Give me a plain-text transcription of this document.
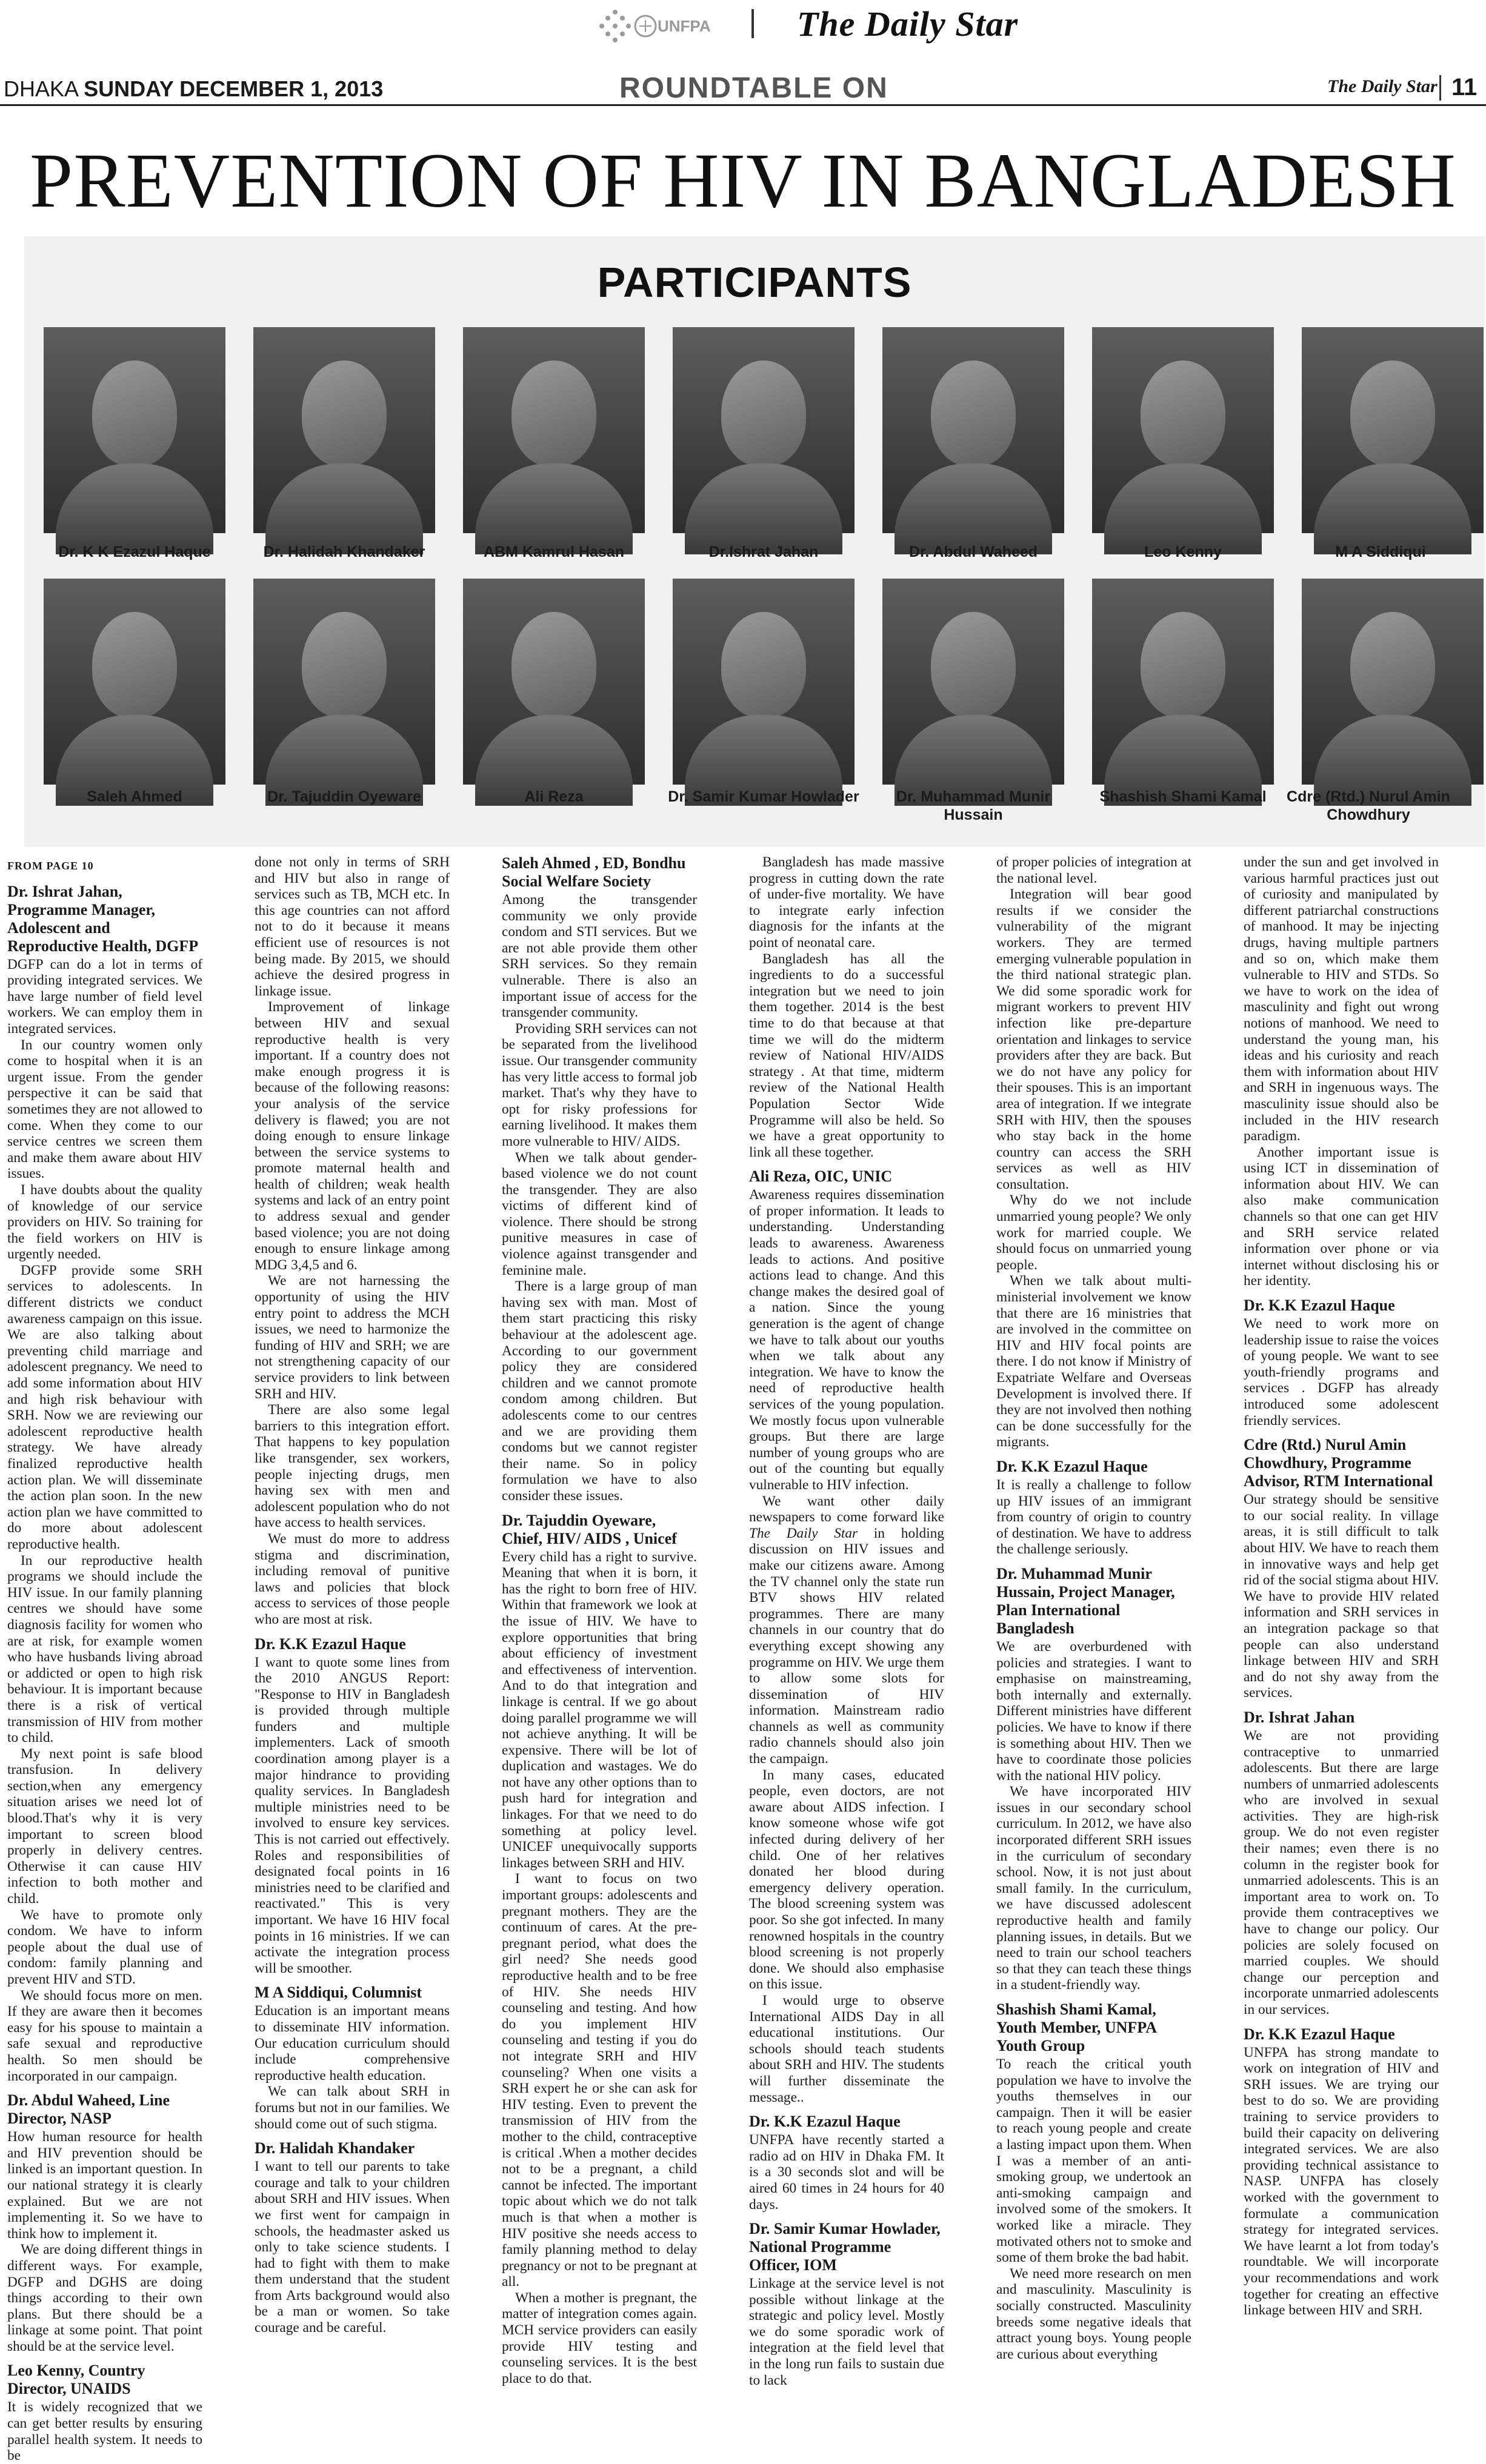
UNFPA The Daily Star
DHAKA SUNDAY DECEMBER 1, 2013	ROUNDTABLE ON	The Daily Star 11
PREVENTION OF HIV IN BANGLADESH
PARTICIPANTS
Dr. K K Ezazul Haque	Dr. Halidah Khandaker	ABM Kamrul Hasan	Dr.Ishrat Jahan	Dr. Abdul Waheed	Leo Kenny	M A Siddiqui
Saleh Ahmed	Dr. Tajuddin Oyeware	Ali Reza	Dr. Samir Kumar Howlader	Dr. Muhammad Munir Hussain
Shashish Shami Kamal	Cdre (Rtd.) Nurul Amin Chowdhury
FROM PAGE 10
Dr. Ishrat Jahan, Programme Manager, Adolescent and Reproductive Health, DGFP

DGFP can do a lot in terms of providing integrated services. We have large number of field level workers. We can employ them in integrated services.

In our country women only come to hospital when it is an urgent issue. From the gender perspective it can be said that sometimes they are not allowed to come. When they come to our service centres we screen them and make them aware about HIV issues.

I have doubts about the quality of knowledge of our service providers on HIV. So training for the field workers on HIV is urgently needed.

DGFP provide some SRH services to adolescents. In different districts we conduct awareness campaign on this issue. We are also talking about preventing child marriage and adolescent pregnancy. We need to add some information about HIV and high risk behaviour with SRH. Now we are reviewing our adolescent reproductive health strategy. We have already finalized reproductive health action plan. We will disseminate the action plan soon. In the new action plan we have committed to do more about adolescent reproductive health.

In our reproductive health programs we should include the HIV issue. In our family planning centres we should have some diagnosis facility for women who are at risk, for example women who have husbands living abroad or addicted or open to high risk behaviour. It is important because there is a risk of vertical transmission of HIV from mother to child.

My next point is safe blood transfusion. In delivery section,when any emergency situation arises we need lot of blood.That's why it is very important to screen blood properly in delivery centres. Otherwise it can cause HIV infection to both mother and child.

We have to promote only condom. We have to inform people about the dual use of condom: family planning and prevent HIV and STD.

We should focus more on men. If they are aware then it becomes easy for his spouse to maintain a safe sexual and reproductive health. So men should be incorporated in our campaign.

Dr. Abdul Waheed, Line Director, NASP

How human resource for health and HIV prevention should be linked is an important question. In our national strategy it is clearly explained. But we are not implementing it. So we have to think how to implement it.

We are doing different things in different ways. For example, DGFP and DGHS are doing things according to their own plans. But there should be a linkage at some point. That point should be at the service level.

Leo Kenny, Country Director, UNAIDS

It is widely recognized that we can get better results by ensuring parallel health system. It needs to be

done not only in terms of SRH and HIV but also in range of services such as TB, MCH etc. In this age countries can not afford not to do it because it means efficient use of resources is not being made. By 2015, we should achieve the desired progress in linkage issue.

Improvement of linkage between HIV and sexual reproductive health is very important. If a country does not make enough progress it is because of the following reasons: your analysis of the service delivery is flawed; you are not doing enough to ensure linkage between the service systems to promote maternal health and health of children; weak health systems and lack of an entry point to address sexual and gender based violence; you are not doing enough to ensure linkage among MDG 3,4,5 and 6.

We are not harnessing the opportunity of using the HIV entry point to address the MCH issues, we need to harmonize the funding of HIV and SRH; we are not strengthening capacity of our service providers to link between SRH and HIV.

There are also some legal barriers to this integration effort. That happens to key population like transgender, sex workers, people injecting drugs, men having sex with men and adolescent population who do not have access to health services.

We must do more to address stigma and discrimination, including removal of punitive laws and policies that block access to services of those people who are most at risk.

Dr. K.K Ezazul Haque

I want to quote some lines from the 2010 ANGUS Report: "Response to HIV in Bangladesh is provided through multiple funders and multiple implementers. Lack of smooth coordination among player is a major hindrance to providing quality services. In Bangladesh multiple ministries need to be involved to ensure key services. This is not carried out effectively. Roles and responsibilities of designated focal points in 16 ministries need to be clarified and reactivated." This is very important. We have 16 HIV focal points in 16 ministries. If we can activate the integration process will be smoother.

M A Siddiqui, Columnist

Education is an important means to disseminate HIV information. Our education curriculum should include comprehensive reproductive health education.

We can talk about SRH in forums but not in our families. We should come out of such stigma.

Dr. Halidah Khandaker

I want to tell our parents to take courage and talk to your children about SRH and HIV issues. When we first went for campaign in schools, the headmaster asked us only to take science students. I had to fight with them to make them understand that the student from Arts background would also be a man or women. So take courage and be careful.

Saleh Ahmed , ED, Bondhu Social Welfare Society

Among the transgender community we only provide condom and STI services. But we are not able provide them other SRH services. So they remain vulnerable. There is also an important issue of access for the transgender community.

Providing SRH services can not be separated from the livelihood issue. Our transgender community has very little access to formal job market. That's why they have to opt for risky professions for earning livelihood. It makes them more vulnerable to HIV/ AIDS.

When we talk about gender-based violence we do not count the transgender. They are also victims of different kind of violence. There should be strong punitive measures in case of violence against transgender and feminine male.

There is a large group of man having sex with man. Most of them start practicing this risky behaviour at the adolescent age. According to our government policy they are considered children and we cannot promote condom among children. But adolescents come to our centres and we are providing them condoms but we cannot register their name. So in policy formulation we have to also consider these issues.

Dr. Tajuddin Oyeware, Chief, HIV/ AIDS , Unicef

Every child has a right to survive. Meaning that when it is born, it has the right to born free of HIV. Within that framework we look at the issue of HIV. We have to explore opportunities that bring about efficiency of investment and effectiveness of intervention. And to do that integration and linkage is central. If we go about doing parallel programme we will not achieve anything. It will be expensive. There will be lot of duplication and wastages. We do not have any other options than to push hard for integration and linkages. For that we need to do something at policy level. UNICEF unequivocally supports linkages between SRH and HIV.

I want to focus on two important groups: adolescents and pregnant mothers. They are the continuum of cares. At the pre-pregnant period, what does the girl need? She needs good reproductive health and to be free of HIV. She needs HIV counseling and testing. And how do you implement HIV counseling and testing if you do not integrate SRH and HIV counseling? When one visits a SRH expert he or she can ask for HIV testing. Even to prevent the transmission of HIV from the mother to the child, contraceptive is critical .When a mother decides not to be a pregnant, a child cannot be infected. The important topic about which we do not talk much is that when a mother is HIV positive she needs access to family planning method to delay pregnancy or not to be pregnant at all.

When a mother is pregnant, the matter of integration comes again. MCH service providers can easily provide HIV testing and counseling services. It is the best place to do that.

Bangladesh has made massive progress in cutting down the rate of under-five mortality. We have to integrate early infection diagnosis for the infants at the point of neonatal care.

Bangladesh has all the ingredients to do a successful integration but we need to join them together. 2014 is the best time to do that because at that time we will do the midterm review of National HIV/AIDS strategy . At that time, midterm review of the National Health Population Sector Wide Programme will also be held. So we have a great opportunity to link all these together.

Ali Reza, OIC, UNIC

Awareness requires dissemination of proper information. It leads to understanding. Understanding leads to awareness. Awareness leads to actions. And positive actions lead to change. And this change makes the desired goal of a nation. Since the young generation is the agent of change we have to talk about our youths when we talk about any integration. We have to know the need of reproductive health services of the young population. We mostly focus upon vulnerable groups. But there are large number of young groups who are out of the counting but equally vulnerable to HIV infection.

We want other daily newspapers to come forward like The Daily Star in holding discussion on HIV issues and make our citizens aware. Among the TV channel only the state run BTV shows HIV related programmes. There are many channels in our country that do everything except showing any programme on HIV. We urge them to allow some slots for dissemination of HIV information. Mainstream radio channels as well as community radio channels should also join the campaign.

In many cases, educated people, even doctors, are not aware about AIDS infection. I know someone whose wife got infected during delivery of her child. One of her relatives donated her blood during emergency delivery operation. The blood screening system was poor. So she got infected. In many renowned hospitals in the country blood screening is not properly done. We should also emphasise on this issue.

I would urge to observe International AIDS Day in all educational institutions. Our schools should teach students about SRH and HIV. The students will further disseminate the message..

Dr. K.K Ezazul Haque

UNFPA have recently started a radio ad on HIV in Dhaka FM. It is a 30 seconds slot and will be aired 60 times in 24 hours for 40 days.

Dr. Samir Kumar Howlader, National Programme Officer, IOM

Linkage at the service level is not possible without linkage at the strategic and policy level. Mostly we do some sporadic work of integration at the field level that in the long run fails to sustain due to lack

of proper policies of integration at the national level.

Integration will bear good results if we consider the vulnerability of the migrant workers. They are termed emerging vulnerable population in the third national strategic plan. We did some sporadic work for migrant workers to prevent HIV infection like pre-departure orientation and linkages to service providers after they are back. But we do not have any policy for their spouses. This is an important area of integration. If we integrate SRH with HIV, then the spouses who stay back in the home country can access the SRH services as well as HIV consultation.

Why do we not include unmarried young people? We only work for married couple. We should focus on unmarried young people.

When we talk about multi-ministerial involvement we know that there are 16 ministries that are involved in the committee on HIV and HIV focal points are there. I do not know if Ministry of Expatriate Welfare and Overseas Development is involved there. If they are not involved then nothing can be done successfully for the migrants.

Dr. K.K Ezazul Haque

It is really a challenge to follow up HIV issues of an immigrant from country of origin to country of destination. We have to address the challenge seriously.

Dr. Muhammad Munir Hussain, Project Manager, Plan International Bangladesh

We are overburdened with policies and strategies. I want to emphasise on mainstreaming, both internally and externally. Different ministries have different policies. We have to know if there is something about HIV. Then we have to coordinate those policies with the national HIV policy.

We have incorporated HIV issues in our secondary school curriculum. In 2012, we have also incorporated different SRH issues in the curriculum of secondary school. Now, it is not just about small family. In the curriculum, we have discussed adolescent reproductive health and family planning issues, in details. But we need to train our school teachers so that they can teach these things in a student-friendly way.

Shashish Shami Kamal, Youth Member, UNFPA Youth Group

To reach the critical youth population we have to involve the youths themselves in our campaign. Then it will be easier to reach young people and create a lasting impact upon them. When I was a member of an anti-smoking group, we undertook an anti-smoking campaign and involved some of the smokers. It worked like a miracle. They motivated others not to smoke and some of them broke the bad habit.

We need more research on men and masculinity. Masculinity is socially constructed. Masculinity breeds some negative ideals that attract young boys. Young people are curious about everything

under the sun and get involved in various harmful practices just out of curiosity and manipulated by different patriarchal constructions of manhood. It may be injecting drugs, having multiple partners and so on, which make them vulnerable to HIV and STDs. So we have to work on the idea of masculinity and fight out wrong notions of manhood. We need to understand the young man, his ideas and his curiosity and reach them with information about HIV and SRH in ingenuous ways. The masculinity issue should also be included in the HIV research paradigm.

Another important issue is using ICT in dissemination of information about HIV. We can also make communication channels so that one can get HIV and SRH service related information over phone or via internet without disclosing his or her identity.

Dr. K.K Ezazul Haque

We need to work more on leadership issue to raise the voices of young people. We want to see youth-friendly programs and services . DGFP has already introduced some adolescent friendly services.

Cdre (Rtd.) Nurul Amin Chowdhury, Programme Advisor, RTM International

Our strategy should be sensitive to our social reality. In village areas, it is still difficult to talk about HIV. We have to reach them in innovative ways and help get rid of the social stigma about HIV. We have to provide HIV related information and SRH services in an integration package so that people can also understand linkage between HIV and SRH and do not shy away from the services.

Dr. Ishrat Jahan

We are not providing contraceptive to unmarried adolescents. But there are large numbers of unmarried adolescents who are involved in sexual activities. They are high-risk group. We do not even register their names; even there is no column in the register book for unmarried adolescents. This is an important area to work on. To provide them contraceptives we have to change our policy. Our policies are solely focused on married couples. We should change our perception and incorporate unmarried adolescents in our services.

Dr. K.K Ezazul Haque

UNFPA has strong mandate to work on integration of HIV and SRH issues. We are trying our best to do so. We are providing training to service providers to build their capacity on delivering integrated services. We are also providing technical assistance to NASP. UNFPA has closely worked with the government to formulate a communication strategy for integrated services. We have learnt a lot from today's roundtable. We will incorporate your recommendations and work together for creating an effective linkage between HIV and SRH.
